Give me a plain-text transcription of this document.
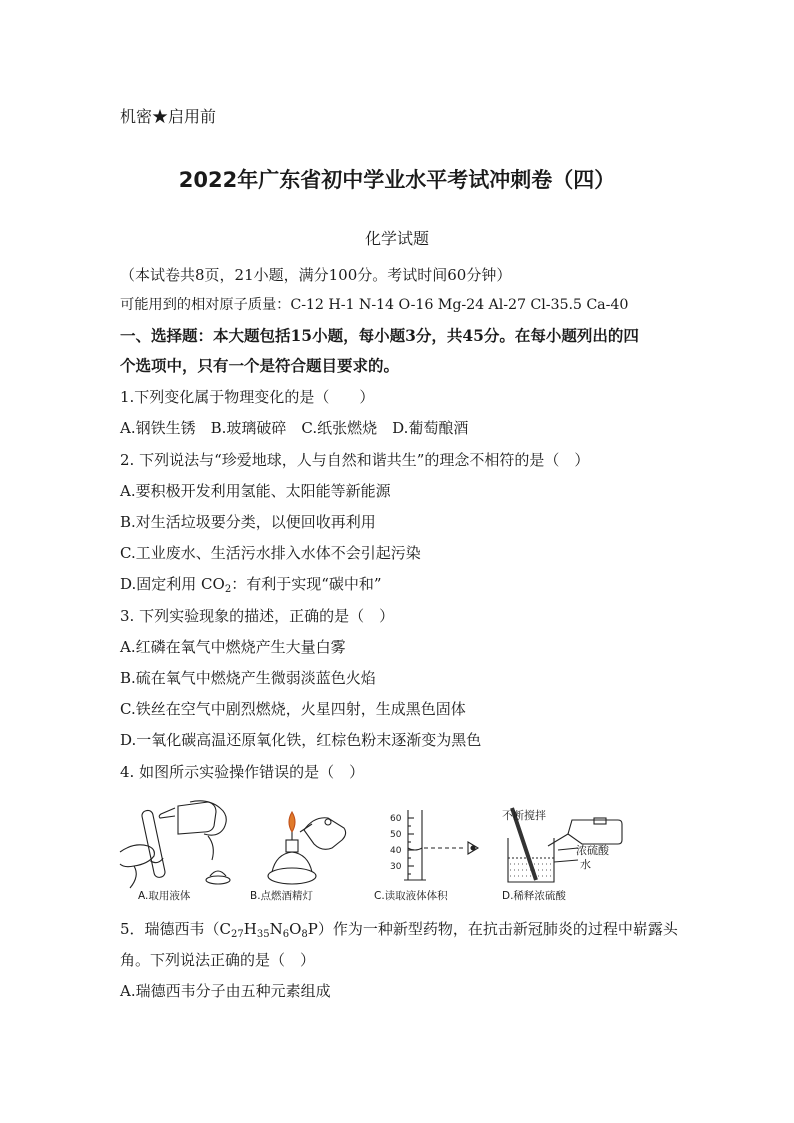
机密★启用前
2022年广东省初中学业水平考试冲刺卷（四）
化学试题
（本试卷共8页，21小题，满分100分。考试时间60分钟）
可能用到的相对原子质量：C-12 H-1 N-14 O-16 Mg-24 Al-27 Cl-35.5 Ca-40
一、选择题：本大题包括15小题，每小题3分，共45分。在每小题列出的四
个选项中，只有一个是符合题目要求的。
1.下列变化属于物理变化的是（　　）
A.钢铁生锈　B.玻璃破碎　C.纸张燃烧　D.葡萄酿酒
2. 下列说法与“珍爱地球，人与自然和谐共生”的理念不相符的是（　）
A.要积极开发利用氢能、太阳能等新能源
B.对生活垃圾要分类，以便回收再利用
C.工业废水、生活污水排入水体不会引起污染
D.固定利用 $CO_2$：有利于实现“碳中和”
3. 下列实验现象的描述，正确的是（　）
A.红磷在氧气中燃烧产生大量白雾
B.硫在氧气中燃烧产生微弱淡蓝色火焰
C.铁丝在空气中剧烈燃烧，火星四射，生成黑色固体
D.一氧化碳高温还原氧化铁，红棕色粉末逐渐变为黑色
4. 如图所示实验操作错误的是（　）
A.取用液体	B.点燃酒精灯
60
50
40
30
C.读取液体体积
不断搅拌
浓硫酸
水
D.稀释浓硫酸
5．瑞德西韦$(C_{27}H_{35}N_6O_8P)$作为一种新型药物，在抗击新冠肺炎的过程中崭露头
角。下列说法正确的是（　）
A.瑞德西韦分子由五种元素组成
